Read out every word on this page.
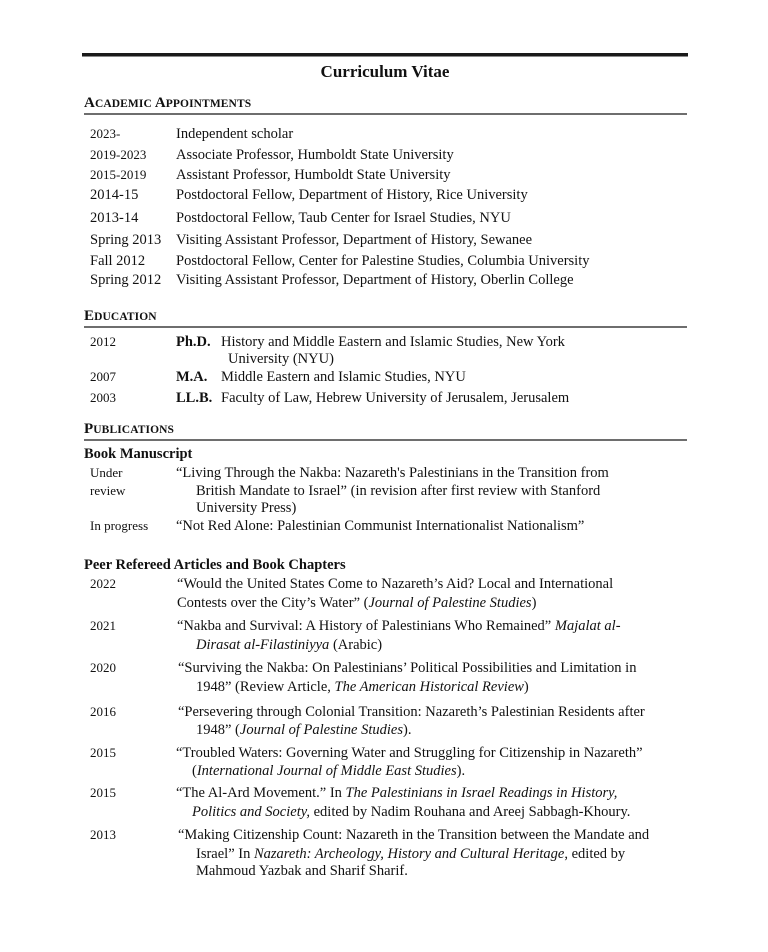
Curriculum Vitae
ACADEMIC APPOINTMENTS
2023-	Independent scholar
2019-2023 Associate Professor, Humboldt State University
2015-2019 Assistant Professor, Humboldt State University
2014-15	Postdoctoral Fellow, Department of History, Rice University
2013-14	Postdoctoral Fellow, Taub Center for Israel Studies, NYU
Spring 2013 Visiting Assistant Professor, Department of History, Sewanee
Fall 2012 Postdoctoral Fellow, Center for Palestine Studies, Columbia University
Spring 2012 Visiting Assistant Professor, Department of History, Oberlin College
EDUCATION
2012	Ph.D. History and Middle Eastern and Islamic Studies, New York
University (NYU)
2007	M.A. Middle Eastern and Islamic Studies, NYU
2003	LL.B. Faculty of Law, Hebrew University of Jerusalem, Jerusalem
PUBLICATIONS
Book Manuscript
Under	“Living Through the Nakba: Nazareth's Palestinians in the Transition from
review	British Mandate to Israel” (in revision after first review with Stanford
University Press)
In progress “Not Red Alone: Palestinian Communist Internationalist Nationalism”
Peer Refereed Articles and Book Chapters
2022	“Would the United States Come to Nazareth’s Aid? Local and International
Contests over the City’s Water” (Journal of Palestine Studies)
2021	“Nakba and Survival: A History of Palestinians Who Remained” Majalat al-
Dirasat al-Filastiniyya (Arabic)
2020	“Surviving the Nakba: On Palestinians’ Political Possibilities and Limitation in
1948” (Review Article, The American Historical Review)
2016	“Persevering through Colonial Transition: Nazareth’s Palestinian Residents after
1948” (Journal of Palestine Studies).
2015	“Troubled Waters: Governing Water and Struggling for Citizenship in Nazareth”
(International Journal of Middle East Studies).
2015	“The Al-Ard Movement.” In The Palestinians in Israel Readings in History,
Politics and Society, edited by Nadim Rouhana and Areej Sabbagh-Khoury.
2013	“Making Citizenship Count: Nazareth in the Transition between the Mandate and
Israel” In Nazareth: Archeology, History and Cultural Heritage, edited by
Mahmoud Yazbak and Sharif Sharif.
